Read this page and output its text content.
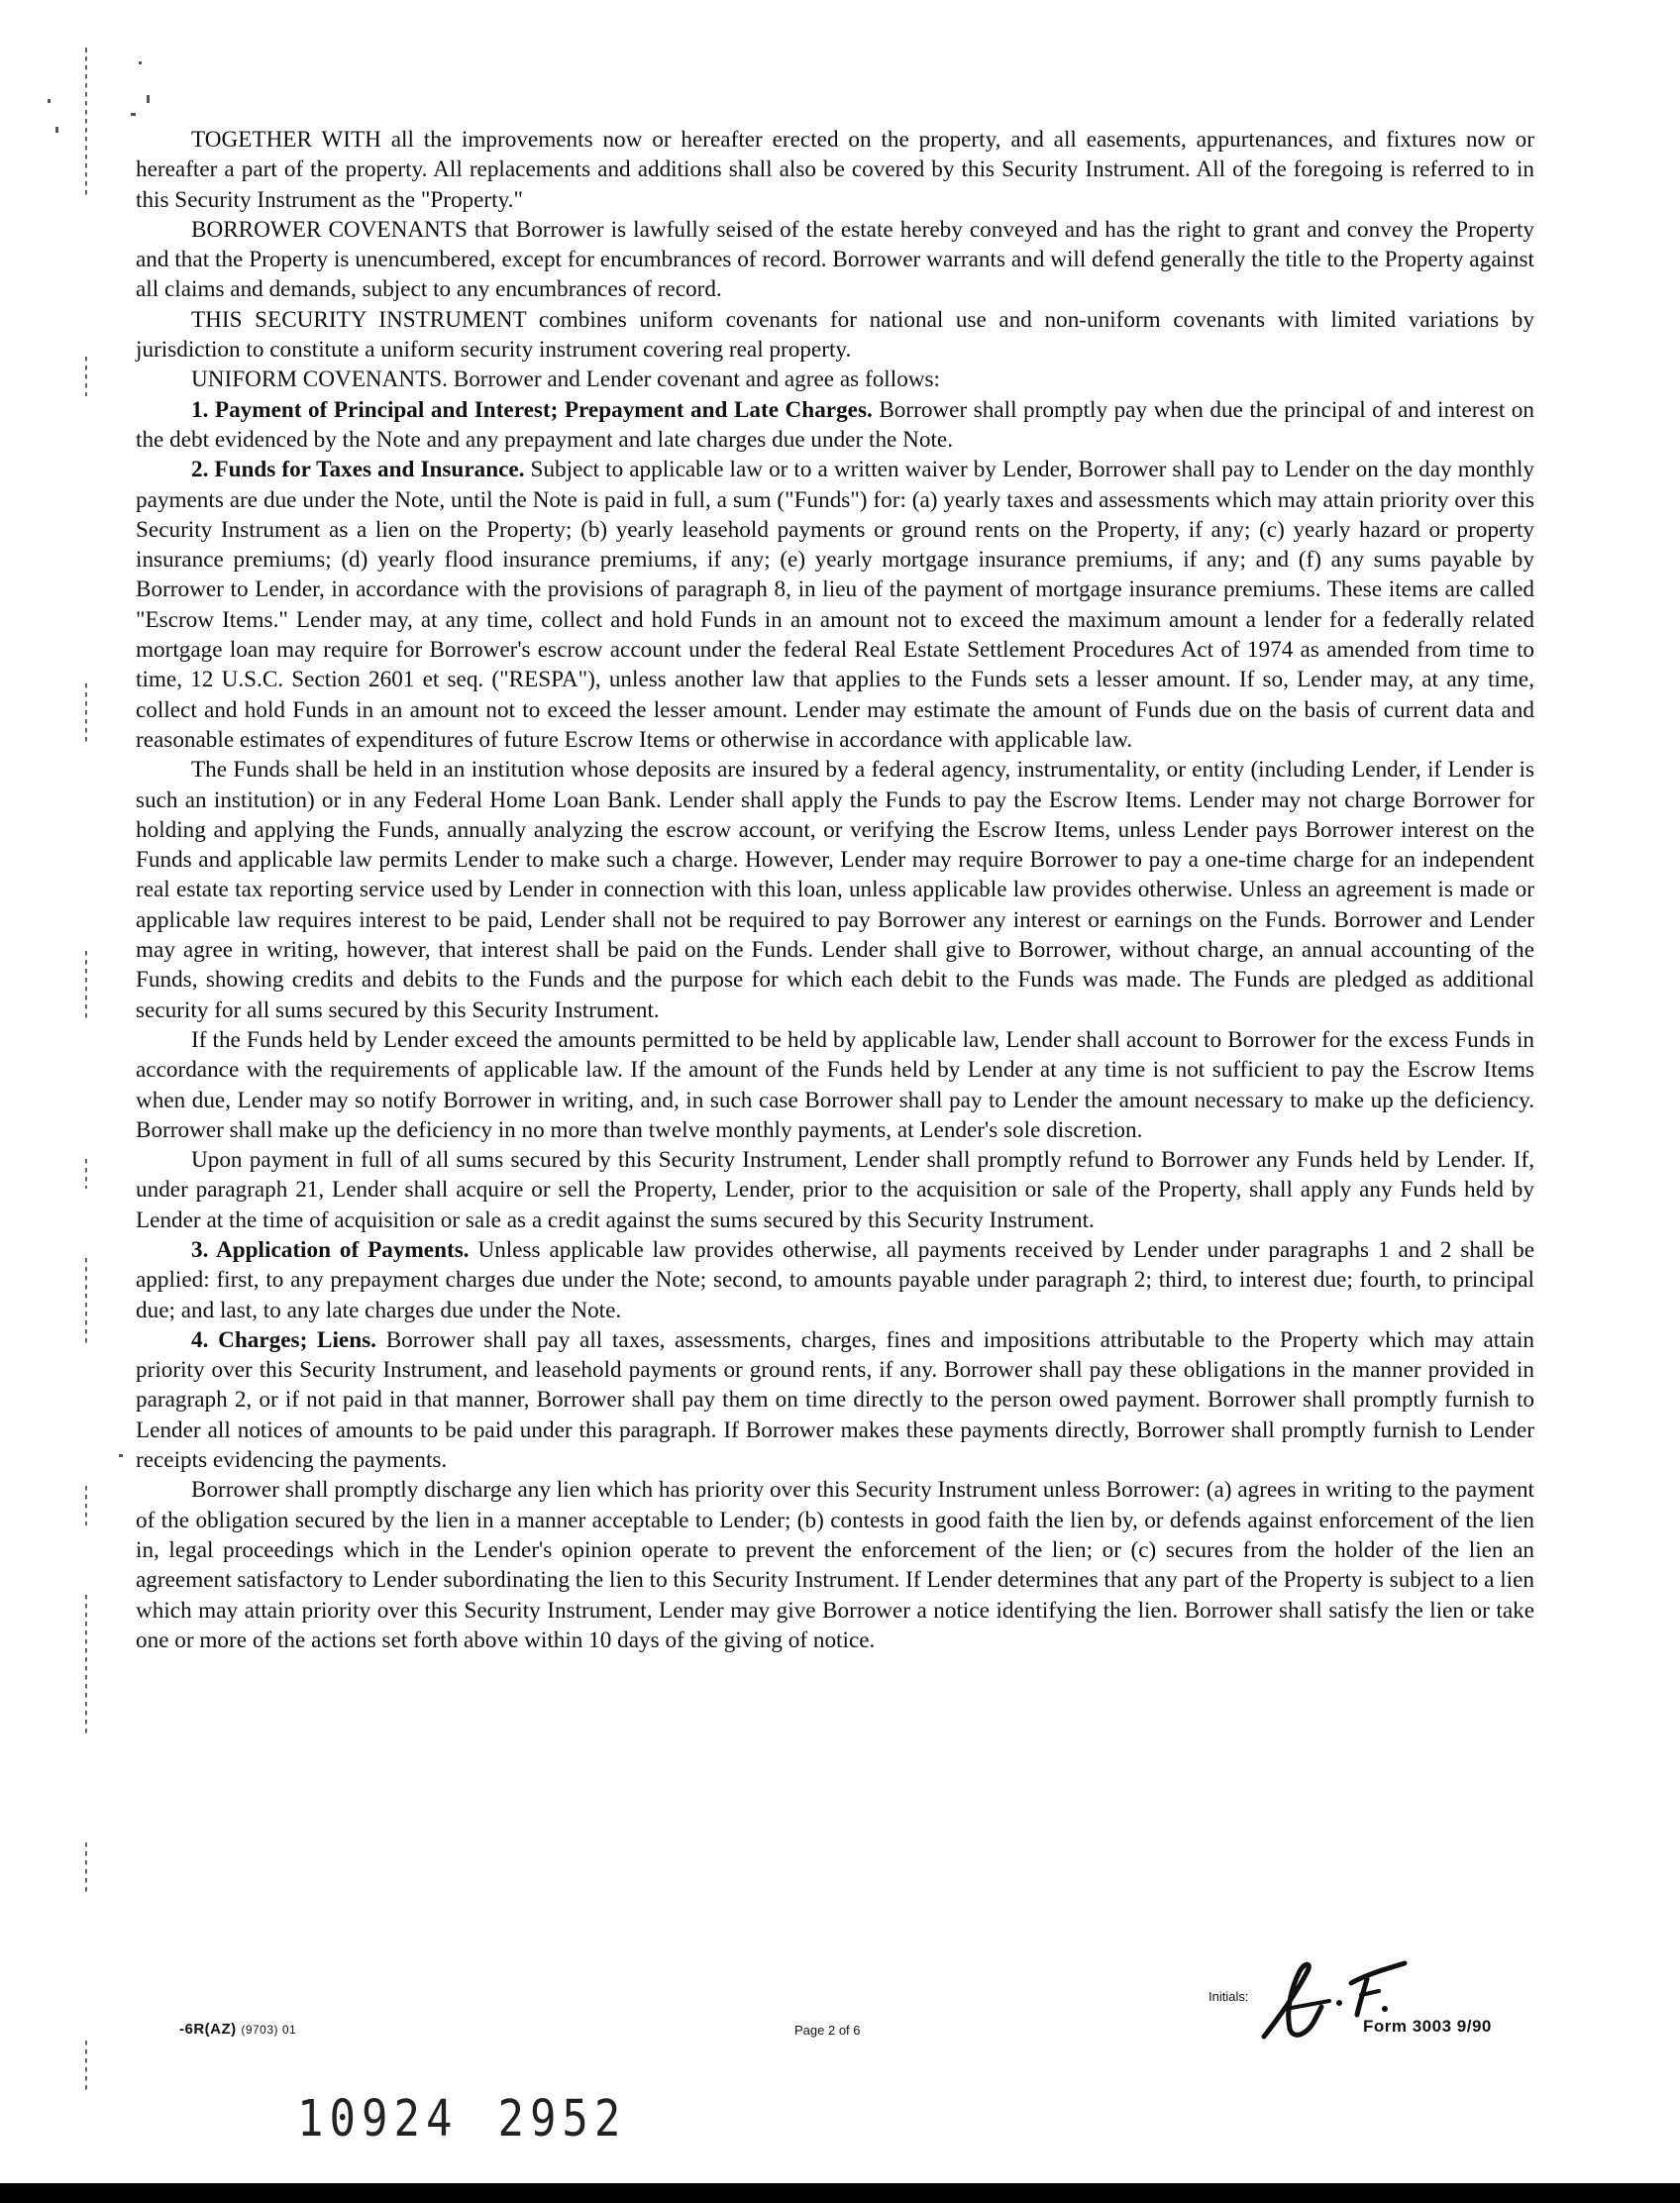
TOGETHER WITH all the improvements now or hereafter erected on the property, and all easements, appurtenances, and fixtures now or hereafter a part of the property. All replacements and additions shall also be covered by this Security Instrument. All of the foregoing is referred to in this Security Instrument as the "Property."

BORROWER COVENANTS that Borrower is lawfully seised of the estate hereby conveyed and has the right to grant and convey the Property and that the Property is unencumbered, except for encumbrances of record. Borrower warrants and will defend generally the title to the Property against all claims and demands, subject to any encumbrances of record.

THIS SECURITY INSTRUMENT combines uniform covenants for national use and non-uniform covenants with limited variations by jurisdiction to constitute a uniform security instrument covering real property.

UNIFORM COVENANTS. Borrower and Lender covenant and agree as follows:

1. Payment of Principal and Interest; Prepayment and Late Charges. Borrower shall promptly pay when due the principal of and interest on the debt evidenced by the Note and any prepayment and late charges due under the Note.

2. Funds for Taxes and Insurance. Subject to applicable law or to a written waiver by Lender, Borrower shall pay to Lender on the day monthly payments are due under the Note, until the Note is paid in full, a sum ("Funds") for: (a) yearly taxes and assessments which may attain priority over this Security Instrument as a lien on the Property; (b) yearly leasehold payments or ground rents on the Property, if any; (c) yearly hazard or property insurance premiums; (d) yearly flood insurance premiums, if any; (e) yearly mortgage insurance premiums, if any; and (f) any sums payable by Borrower to Lender, in accordance with the provisions of paragraph 8, in lieu of the payment of mortgage insurance premiums. These items are called "Escrow Items." Lender may, at any time, collect and hold Funds in an amount not to exceed the maximum amount a lender for a federally related mortgage loan may require for Borrower's escrow account under the federal Real Estate Settlement Procedures Act of 1974 as amended from time to time, 12 U.S.C. Section 2601 et seq. ("RESPA"), unless another law that applies to the Funds sets a lesser amount. If so, Lender may, at any time, collect and hold Funds in an amount not to exceed the lesser amount. Lender may estimate the amount of Funds due on the basis of current data and reasonable estimates of expenditures of future Escrow Items or otherwise in accordance with applicable law.

The Funds shall be held in an institution whose deposits are insured by a federal agency, instrumentality, or entity (including Lender, if Lender is such an institution) or in any Federal Home Loan Bank. Lender shall apply the Funds to pay the Escrow Items. Lender may not charge Borrower for holding and applying the Funds, annually analyzing the escrow account, or verifying the Escrow Items, unless Lender pays Borrower interest on the Funds and applicable law permits Lender to make such a charge. However, Lender may require Borrower to pay a one-time charge for an independent real estate tax reporting service used by Lender in connection with this loan, unless applicable law provides otherwise. Unless an agreement is made or applicable law requires interest to be paid, Lender shall not be required to pay Borrower any interest or earnings on the Funds. Borrower and Lender may agree in writing, however, that interest shall be paid on the Funds. Lender shall give to Borrower, without charge, an annual accounting of the Funds, showing credits and debits to the Funds and the purpose for which each debit to the Funds was made. The Funds are pledged as additional security for all sums secured by this Security Instrument.

If the Funds held by Lender exceed the amounts permitted to be held by applicable law, Lender shall account to Borrower for the excess Funds in accordance with the requirements of applicable law. If the amount of the Funds held by Lender at any time is not sufficient to pay the Escrow Items when due, Lender may so notify Borrower in writing, and, in such case Borrower shall pay to Lender the amount necessary to make up the deficiency. Borrower shall make up the deficiency in no more than twelve monthly payments, at Lender's sole discretion.

Upon payment in full of all sums secured by this Security Instrument, Lender shall promptly refund to Borrower any Funds held by Lender. If, under paragraph 21, Lender shall acquire or sell the Property, Lender, prior to the acquisition or sale of the Property, shall apply any Funds held by Lender at the time of acquisition or sale as a credit against the sums secured by this Security Instrument.

3. Application of Payments. Unless applicable law provides otherwise, all payments received by Lender under paragraphs 1 and 2 shall be applied: first, to any prepayment charges due under the Note; second, to amounts payable under paragraph 2; third, to interest due; fourth, to principal due; and last, to any late charges due under the Note.

4. Charges; Liens. Borrower shall pay all taxes, assessments, charges, fines and impositions attributable to the Property which may attain priority over this Security Instrument, and leasehold payments or ground rents, if any. Borrower shall pay these obligations in the manner provided in paragraph 2, or if not paid in that manner, Borrower shall pay them on time directly to the person owed payment. Borrower shall promptly furnish to Lender all notices of amounts to be paid under this paragraph. If Borrower makes these payments directly, Borrower shall promptly furnish to Lender receipts evidencing the payments.

Borrower shall promptly discharge any lien which has priority over this Security Instrument unless Borrower: (a) agrees in writing to the payment of the obligation secured by the lien in a manner acceptable to Lender; (b) contests in good faith the lien by, or defends against enforcement of the lien in, legal proceedings which in the Lender's opinion operate to prevent the enforcement of the lien; or (c) secures from the holder of the lien an agreement satisfactory to Lender subordinating the lien to this Security Instrument. If Lender determines that any part of the Property is subject to a lien which may attain priority over this Security Instrument, Lender may give Borrower a notice identifying the lien. Borrower shall satisfy the lien or take one or more of the actions set forth above within 10 days of the giving of notice.

-6R(AZ) (9703) 01	Page 2 of 6
Initials:
Form 3003 9/90
10924 2952
